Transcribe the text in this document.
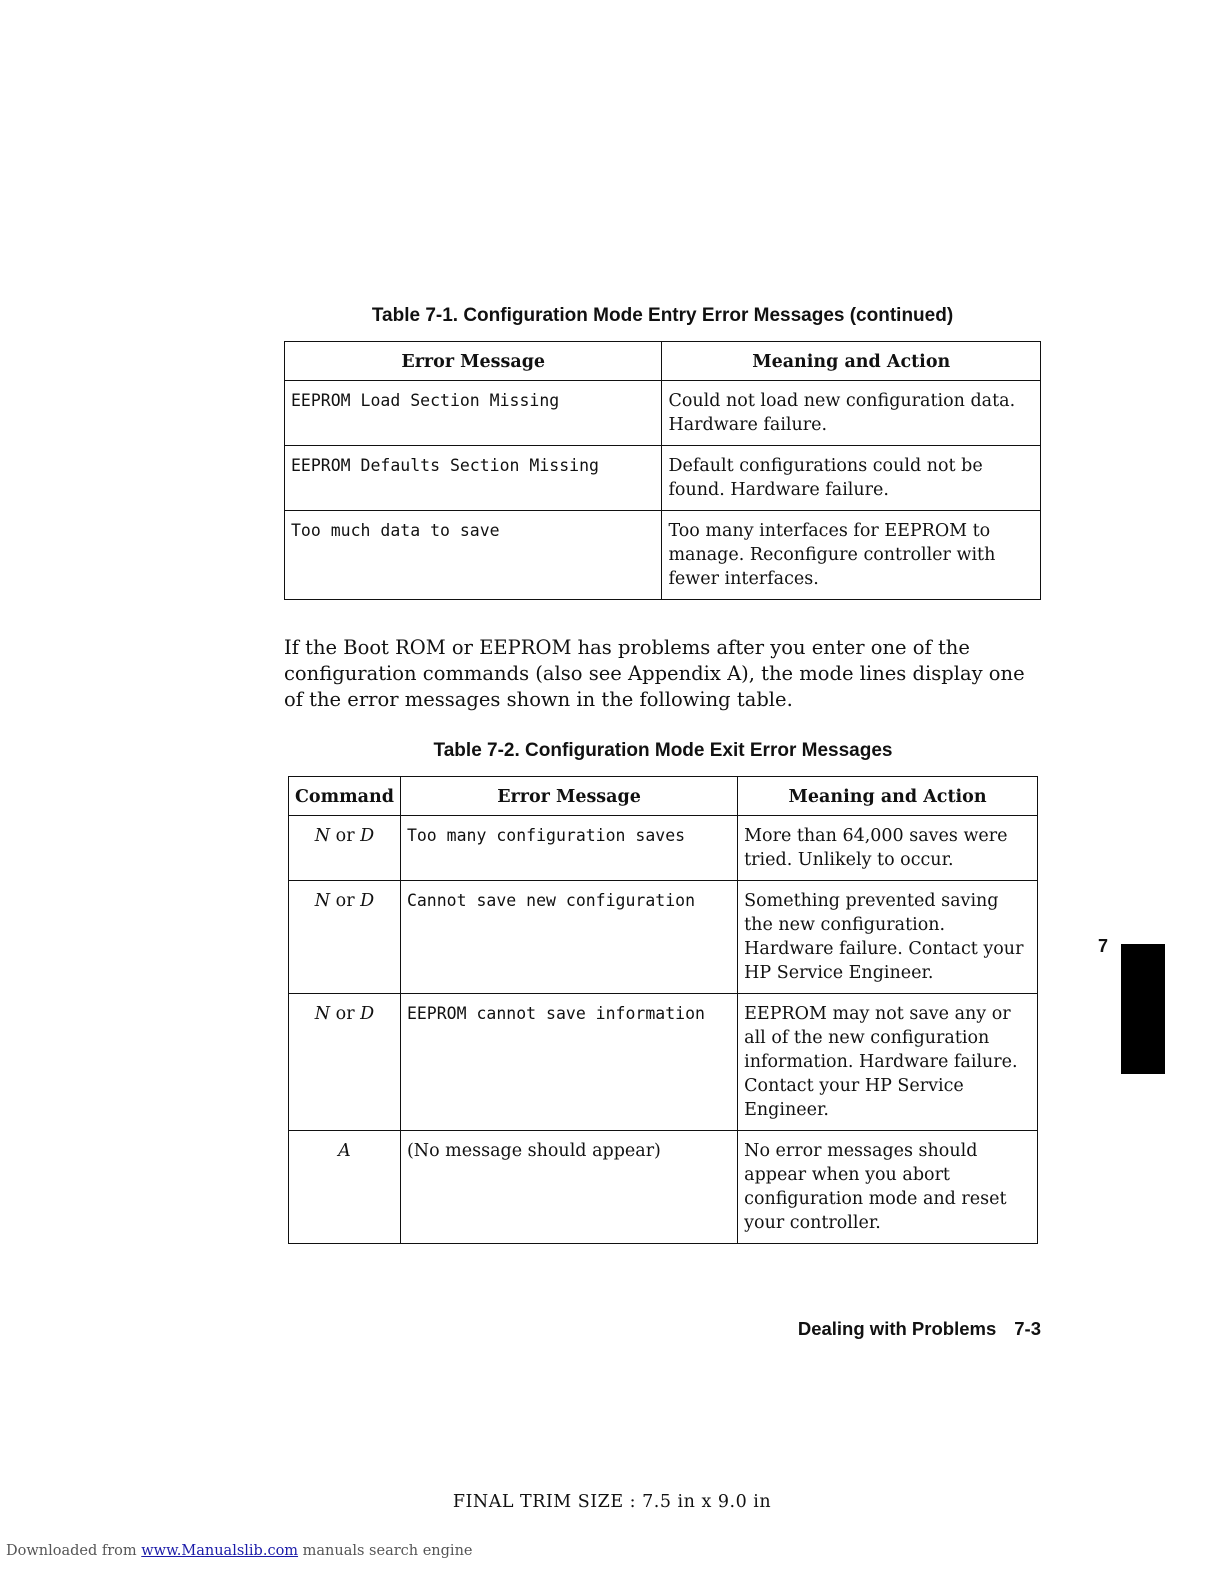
Table 7-1. Configuration Mode Entry Error Messages (continued)
Error Message	Meaning and Action
EEPROM Load Section Missing	Could not load new configuration data. Hardware failure.
EEPROM Defaults Section Missing	Default configurations could not be found. Hardware failure.
Too much data to save	Too many interfaces for EEPROM to manage. Reconfigure controller with fewer interfaces.

If the Boot ROM or EEPROM has problems after you enter one of the configuration commands (also see Appendix A), the mode lines display one of the error messages shown in the following table.

Table 7-2. Configuration Mode Exit Error Messages
Command	Error Message	Meaning and Action
N or D	Too many configuration saves	More than 64,000 saves were tried. Unlikely to occur.
N or D	Cannot save new configuration	Something prevented saving the new configuration. Hardware failure. Contact your HP Service Engineer.
N or D	EEPROM cannot save information	EEPROM may not save any or all of the new configuration information. Hardware failure. Contact your HP Service Engineer.
A	(No message should appear)	No error messages should appear when you abort configuration mode and reset your controller.
7
Dealing with Problems 7-3
FINAL TRIM SIZE : 7.5 in x 9.0 in
Downloaded from www.Manualslib.com manuals search engine
